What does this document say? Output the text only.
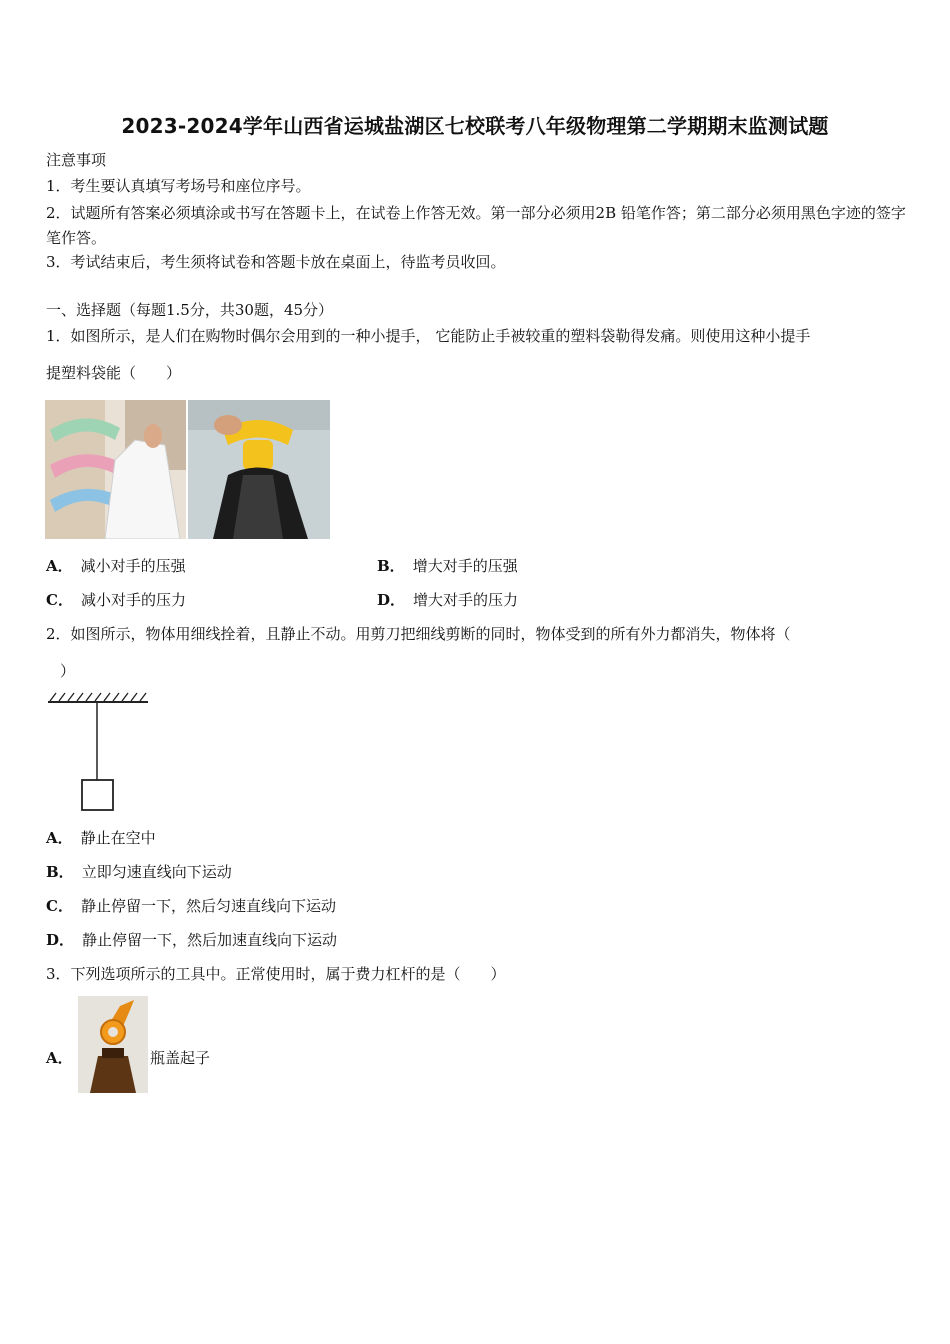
2023-2024学年山西省运城盐湖区七校联考八年级物理第二学期期末监测试题
注意事项
1．考生要认真填写考场号和座位序号。
2．试题所有答案必须填涂或书写在答题卡上，在试卷上作答无效。第一部分必须用2B 铅笔作答；第二部分必须用黑色字迹的签字笔作答。
3．考试结束后，考生须将试卷和答题卡放在桌面上，待监考员收回。
一、选择题（每题1.5分，共30题，45分）
1．如图所示，是人们在购物时偶尔会用到的一种小提手， 它能防止手被较重的塑料袋勒得发痛。则使用这种小提手
提塑料袋能（　　）
A． 减小对手的压强	B． 增大对手的压强
C． 减小对手的压力	D． 增大对手的压力
2．如图所示，物体用细线拴着，且静止不动。用剪刀把细线剪断的同时，物体受到的所有外力都消失，物体将（
）
A． 静止在空中
B． 立即匀速直线向下运动
C． 静止停留一下，然后匀速直线向下运动
D． 静止停留一下，然后加速直线向下运动
3．下列选项所示的工具中。正常使用时，属于费力杠杆的是（　　）
A．	瓶盖起子
